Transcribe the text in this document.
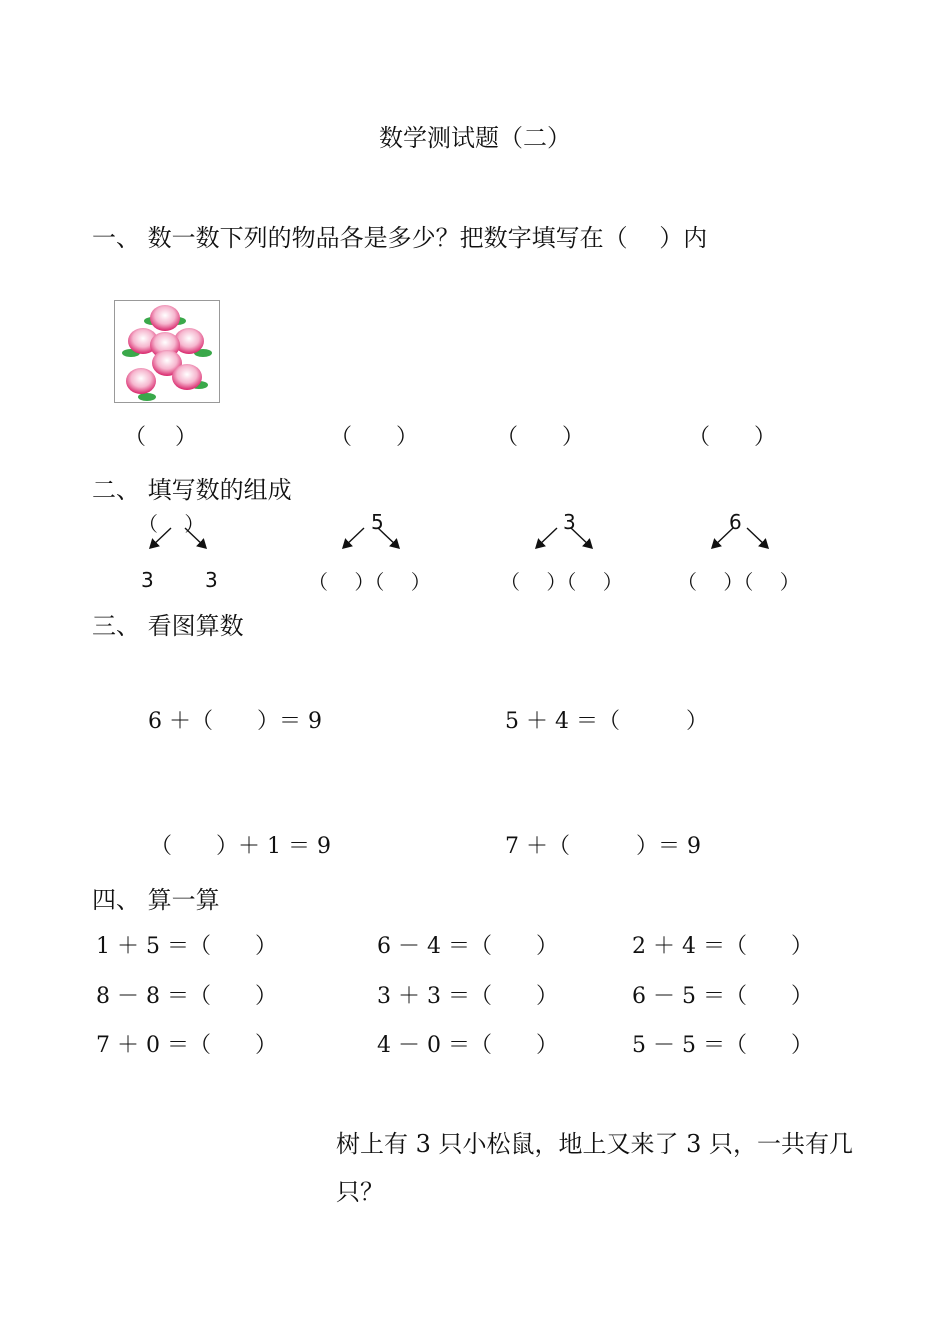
数学测试题（二）
一、 数一数下列的物品各是多少？把数字填写在（　 ）内
（　 ）	（　　）	（　　）	（　　）
二、 填写数的组成
（　 ）
3	3
5
（　 ）（　 ）
3
（　 ）（　 ）
6
（　 ）（　 ）
三、 看图算数
6 ＋（　　）＝ 9	5 ＋ 4 ＝（　　　）
（　　）＋ 1 ＝ 9	7 ＋（　　　）＝ 9
四、 算一算
1 ＋ 5 ＝（　　）	6 － 4 ＝（　　）	2 ＋ 4 ＝（　　）
8 － 8 ＝（　　）	3 ＋ 3 ＝（　　）	6 － 5 ＝（　　）
7 ＋ 0 ＝（　　）	4 － 0 ＝（　　）	5 － 5 ＝（　　）
树上有 3 只小松鼠，地上又来了 3 只，一共有几只？
